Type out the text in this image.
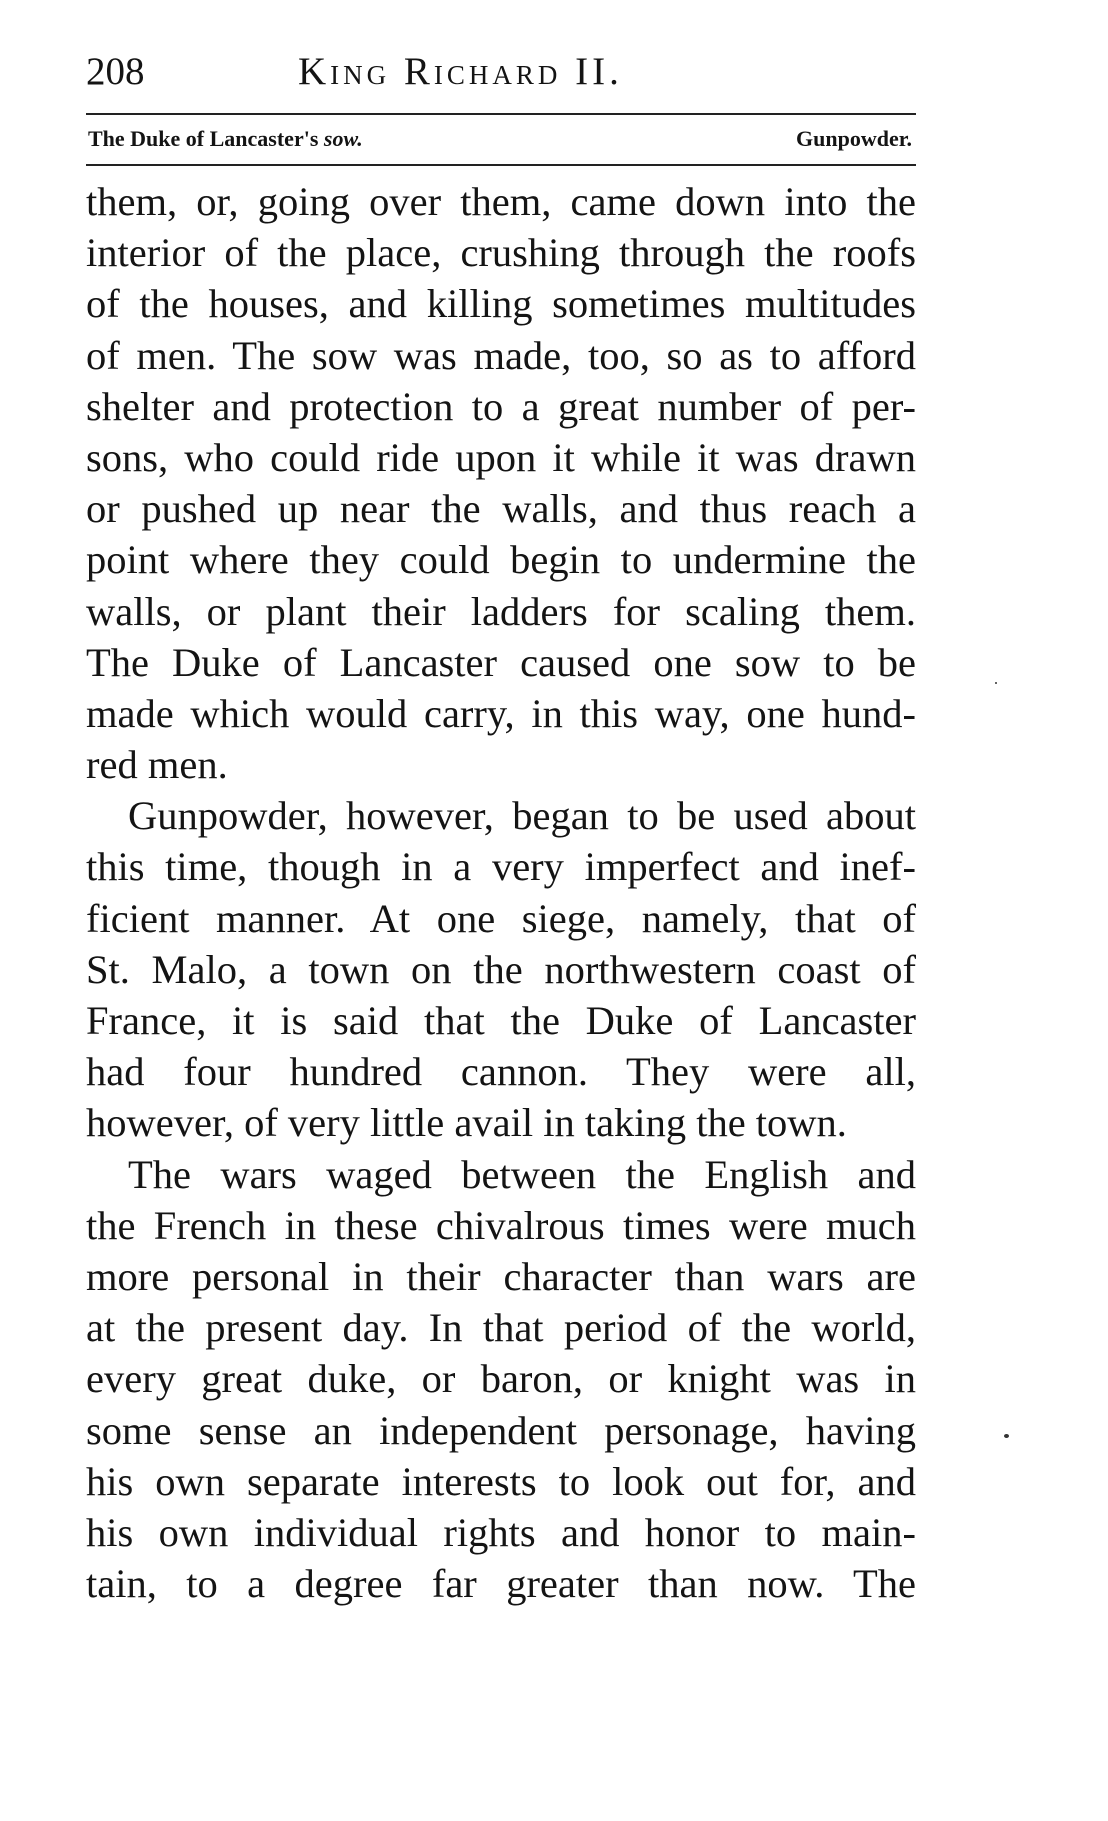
208	King Richard II.
The Duke of Lancaster's sow.	Gunpowder.
them, or, going over them, came down into the
interior of the place, crushing through the roofs
of the houses, and killing sometimes multitudes
of men. The sow was made, too, so as to afford
shelter and protection to a great number of per-
sons, who could ride upon it while it was drawn
or pushed up near the walls, and thus reach a
point where they could begin to undermine the
walls, or plant their ladders for scaling them.
The Duke of Lancaster caused one sow to be
made which would carry, in this way, one hund-
red men.
Gunpowder, however, began to be used about
this time, though in a very imperfect and inef-
ficient manner. At one siege, namely, that of
St. Malo, a town on the northwestern coast of
France, it is said that the Duke of Lancaster
had four hundred cannon. They were all,
however, of very little avail in taking the town.
The wars waged between the English and
the French in these chivalrous times were much
more personal in their character than wars are
at the present day. In that period of the world,
every great duke, or baron, or knight was in
some sense an independent personage, having
his own separate interests to look out for, and
his own individual rights and honor to main-
tain, to a degree far greater than now. The
